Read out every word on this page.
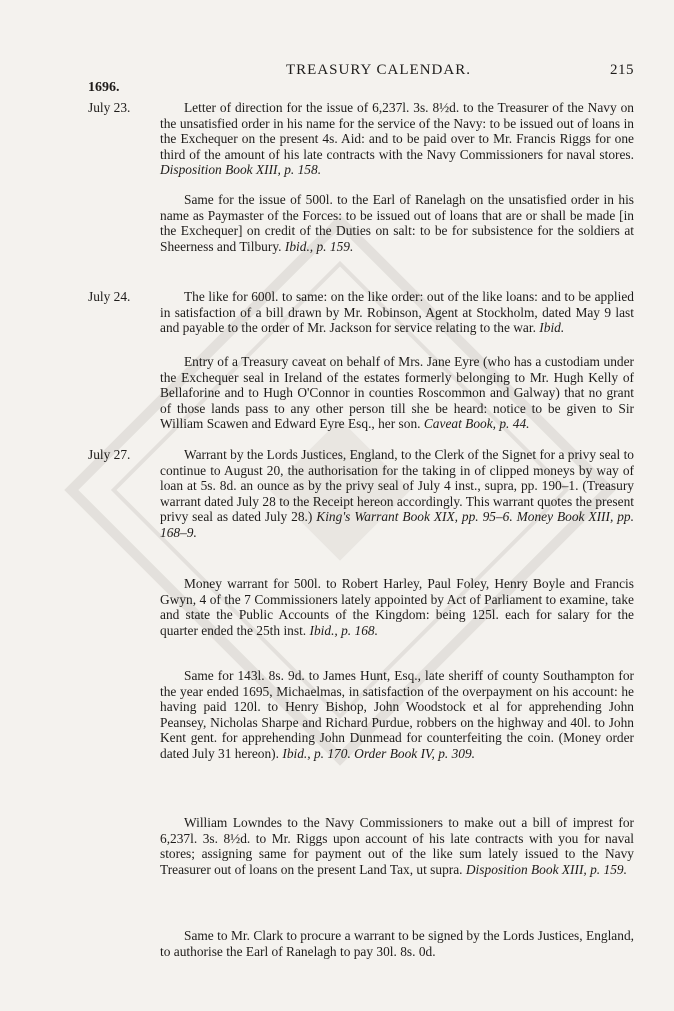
TREASURY CALENDAR.	215
1696.
July 23.	Letter of direction for the issue of 6,237l. 3s. 8½d. to the Treasurer of the Navy on the unsatisfied order in his name for the service of the Navy: to be issued out of loans in the Exchequer on the present 4s. Aid: and to be paid over to Mr. Francis Riggs for one third of the amount of his late contracts with the Navy Commissioners for naval stores. Disposition Book XIII, p. 158.
Same for the issue of 500l. to the Earl of Ranelagh on the unsatisfied order in his name as Paymaster of the Forces: to be issued out of loans that are or shall be made [in the Exchequer] on credit of the Duties on salt: to be for subsistence for the soldiers at Sheerness and Tilbury. Ibid., p. 159.
July 24.	The like for 600l. to same: on the like order: out of the like loans: and to be applied in satisfaction of a bill drawn by Mr. Robinson, Agent at Stockholm, dated May 9 last and payable to the order of Mr. Jackson for service relating to the war. Ibid.
Entry of a Treasury caveat on behalf of Mrs. Jane Eyre (who has a custodiam under the Exchequer seal in Ireland of the estates formerly belonging to Mr. Hugh Kelly of Bellaforine and to Hugh O'Connor in counties Roscommon and Galway) that no grant of those lands pass to any other person till she be heard: notice to be given to Sir William Scawen and Edward Eyre Esq., her son. Caveat Book, p. 44.
July 27.	Warrant by the Lords Justices, England, to the Clerk of the Signet for a privy seal to continue to August 20, the authorisation for the taking in of clipped moneys by way of loan at 5s. 8d. an ounce as by the privy seal of July 4 inst., supra, pp. 190–1. (Treasury warrant dated July 28 to the Receipt hereon accordingly. This warrant quotes the present privy seal as dated July 28.) King's Warrant Book XIX, pp. 95–6. Money Book XIII, pp. 168–9.
Money warrant for 500l. to Robert Harley, Paul Foley, Henry Boyle and Francis Gwyn, 4 of the 7 Commissioners lately appointed by Act of Parliament to examine, take and state the Public Accounts of the Kingdom: being 125l. each for salary for the quarter ended the 25th inst. Ibid., p. 168.
Same for 143l. 8s. 9d. to James Hunt, Esq., late sheriff of county Southampton for the year ended 1695, Michaelmas, in satisfaction of the overpayment on his account: he having paid 120l. to Henry Bishop, John Woodstock et al for apprehending John Peansey, Nicholas Sharpe and Richard Purdue, robbers on the highway and 40l. to John Kent gent. for apprehending John Dunmead for counterfeiting the coin. (Money order dated July 31 hereon). Ibid., p. 170. Order Book IV, p. 309.
William Lowndes to the Navy Commissioners to make out a bill of imprest for 6,237l. 3s. 8½d. to Mr. Riggs upon account of his late contracts with you for naval stores; assigning same for payment out of the like sum lately issued to the Navy Treasurer out of loans on the present Land Tax, ut supra. Disposition Book XIII, p. 159.
Same to Mr. Clark to procure a warrant to be signed by the Lords Justices, England, to authorise the Earl of Ranelagh to pay 30l. 8s. 0d.
